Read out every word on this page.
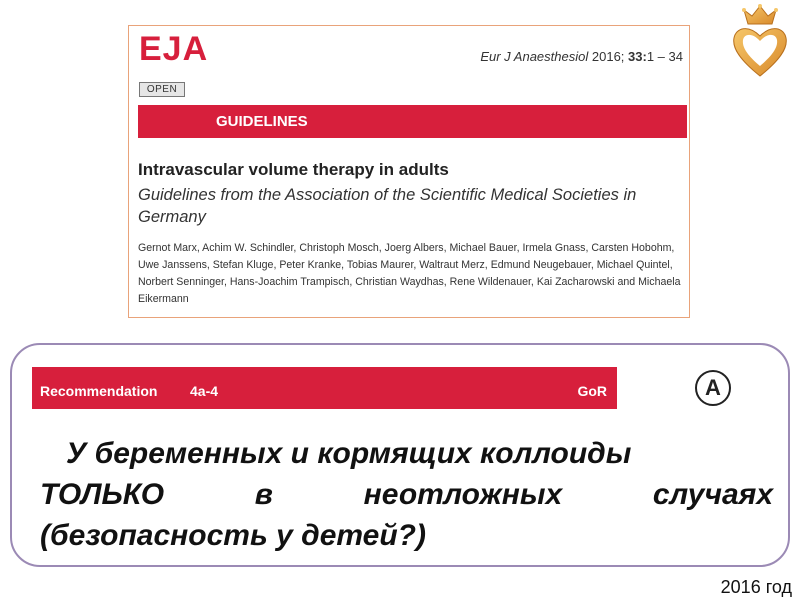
EJA	Eur J Anaesthesiol 2016; 33:1 – 34
OPEN
GUIDELINES
Intravascular volume therapy in adults
Guidelines from the Association of the Scientific Medical Societies in Germany
Gernot Marx, Achim W. Schindler, Christoph Mosch, Joerg Albers, Michael Bauer, Irmela Gnass, Carsten Hobohm, Uwe Janssens, Stefan Kluge, Peter Kranke, Tobias Maurer, Waltraut Merz, Edmund Neugebauer, Michael Quintel, Norbert Senninger, Hans-Joachim Trampisch, Christian Waydhas, Rene Wildenauer, Kai Zacharowski and Michaela Eikermann
Recommendation 4a-4	GoR	A
У беременных и кормящих коллоиды
ТОЛЬКО в неотложных случаях
(безопасность у детей?)
2016 год
